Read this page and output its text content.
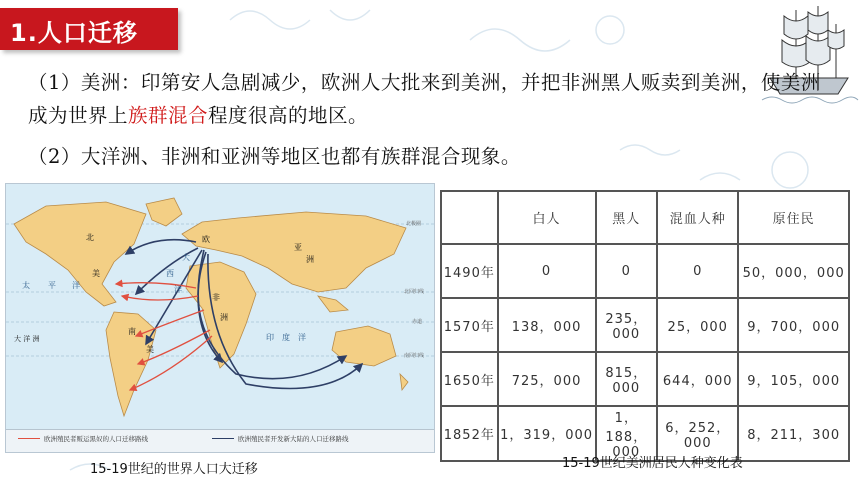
1.人口迁移
（1）美洲：印第安人急剧减少，欧洲人大批来到美洲，并把非洲黑人贩卖到美洲，使美洲成为世界上族群混合程度很高的地区。
（2）大洋洲、非洲和亚洲等地区也都有族群混合现象。
北
美
南
美
欧
亚
洲
非
洲
大
西
洋
太 平 洋
印 度 洋
大 洋 洲
北回归线
赤道
南回归线
北极圈
欧洲殖民者贩运黑奴的人口迁移路线	欧洲殖民者开发新大陆的人口迁移路线
15-19世纪的世界人口大迁移
	白人	黑人	混血人种	原住民
1490年	0	0	0	50，000，000
1570年	138，000	235，000	25，000	9，700，000
1650年	725，000	815，000	644，000	9，105，000
1852年	1，319，000	1，188，000	6，252，000	8，211，300
15-19世纪美洲居民人种变化表
